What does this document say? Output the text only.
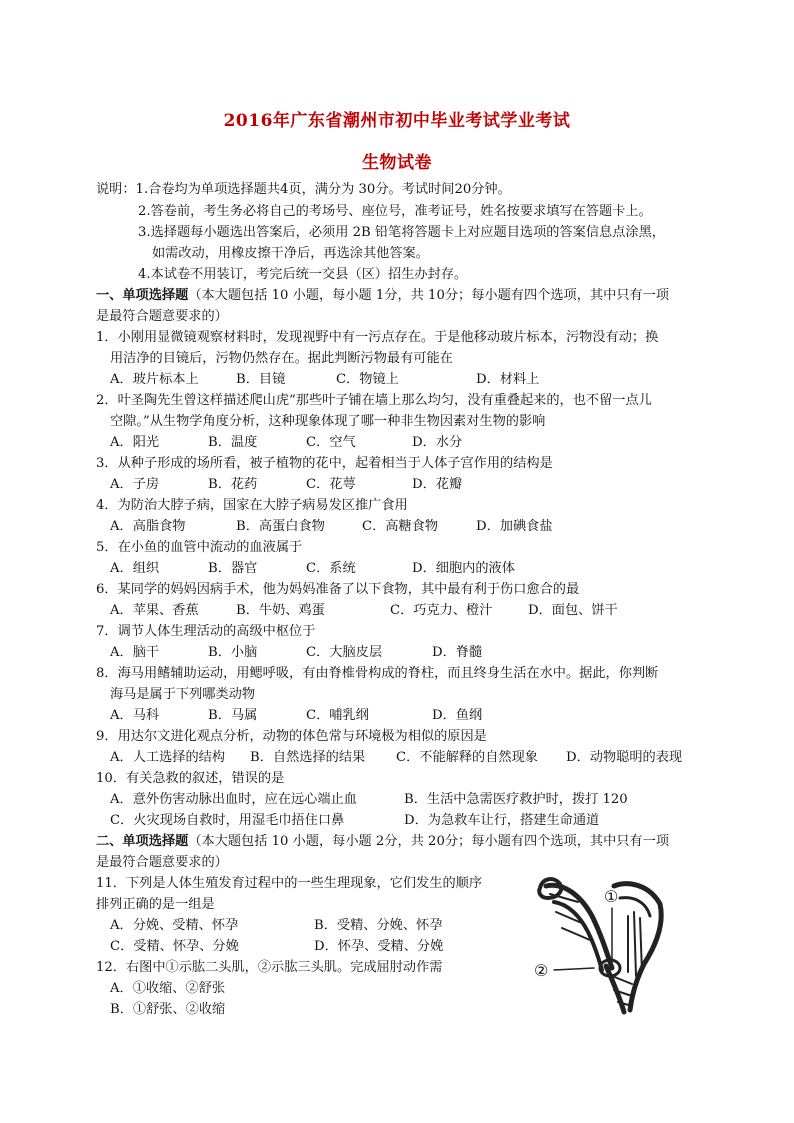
2016年广东省潮州市初中毕业考试学业考试
生物试卷
说明：1.合卷均为单项选择题共4页，满分为 30分。考试时间20分钟。
2.答卷前，考生务必将自己的考场号、座位号，准考证号，姓名按要求填写在答题卡上。
3.选择题每小题选出答案后，必须用 2B 铅笔将答题卡上对应题目选项的答案信息点涂黑，
如需改动，用橡皮擦干净后，再选涂其他答案。
4.本试卷不用装订，考完后统一交县（区）招生办封存。
一、单项选择题（本大题包括 10 小题，每小题 1分，共 10分；每小题有四个选项，其中只有一项
是最符合题意要求的）
1．小刚用显微镜观察材料时，发现视野中有一污点存在。于是他移动玻片标本，污物没有动；换
用洁净的目镜后，污物仍然存在。据此判断污物最有可能在
A．玻片标本上	B．目镜	C．物镜上	D．材料上
2．叶圣陶先生曾这样描述爬山虎“那些叶子铺在墙上那么均匀，没有重叠起来的，也不留一点儿
空隙。”从生物学角度分析，这种现象体现了哪一种非生物因素对生物的影响
A．阳光	B．温度	C．空气	D．水分
3．从种子形成的场所看，被子植物的花中，起着相当于人体子宫作用的结构是
A．子房	B．花药	C．花萼	D．花瓣
4．为防治大脖子病，国家在大脖子病易发区推广食用
A．高脂食物	B．高蛋白食物	C．高糖食物	D．加碘食盐
5．在小鱼的血管中流动的血液属于
A．组织	B．器官	C．系统	D．细胞内的液体
6．某同学的妈妈因病手术，他为妈妈准备了以下食物，其中最有利于伤口愈合的最
A．苹果、香蕉	B．牛奶、鸡蛋	C．巧克力、橙汁	D．面包、饼干
7．调节人体生理活动的高级中枢位于
A．脑干	B．小脑	C．大脑皮层	D．脊髓
8．海马用鳍辅助运动，用鳃呼吸，有由脊椎骨构成的脊柱，而且终身生活在水中。据此，你判断
海马是属于下列哪类动物
A．马科	B．马属	C．哺乳纲	D．鱼纲
9．用达尔文进化观点分析，动物的体色常与环境极为相似的原因是
A．人工选择的结构 B．自然选择的结果 C．不能解释的自然现象 D．动物聪明的表现
10．有关急救的叙述，错误的是
A．意外伤害动脉出血时，应在远心端止血	B．生活中急需医疗救护时，拨打 120
C．火灾现场自救时，用湿毛巾捂住口鼻	D．为急救车让行，搭建生命通道
二、单项选择题（本大题包括 10 小题，每小题 2分，共 20分；每小题有四个选项，其中只有一项
是最符合题意要求的）
11．下列是人体生殖发育过程中的一些生理现象，它们发生的顺序
排列正确的是一组是
A．分娩、受精、怀孕	B．受精、分娩、怀孕
C．受精、怀孕、分娩	D．怀孕、受精、分娩
12．右图中①示肱二头肌，②示肱三头肌。完成屈肘动作需
A．①收缩、②舒张
B．①舒张、②收缩
①
②
